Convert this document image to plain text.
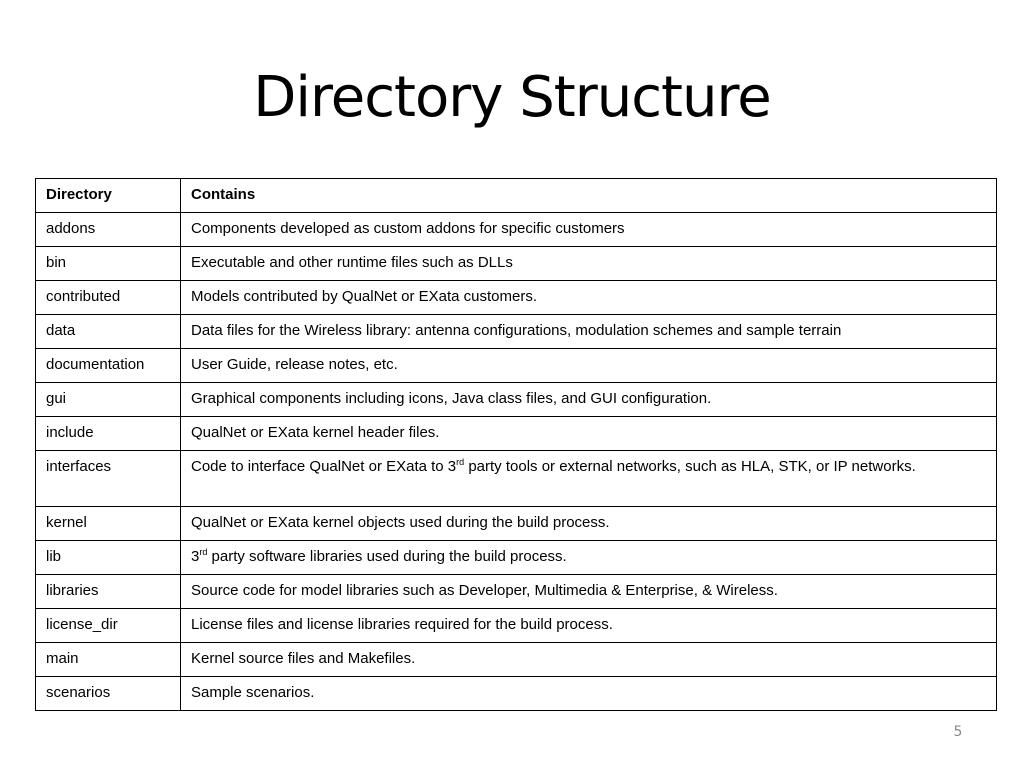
Directory Structure
Directory	Contains
addons	Components developed as custom addons for specific customers
bin	Executable and other runtime files such as DLLs
contributed	Models contributed by QualNet or EXata customers.
data	Data files for the Wireless library: antenna configurations, modulation schemes and sample terrain
documentation	User Guide, release notes, etc.
gui	Graphical components including icons, Java class files, and GUI configuration.
include	QualNet or EXata kernel header files.
interfaces	Code to interface QualNet or EXata to 3rd party tools or external networks, such as HLA, STK, or IP networks.

kernel	QualNet or EXata kernel objects used during the build process.
lib	3rd party software libraries used during the build process.
libraries	Source code for model libraries such as Developer, Multimedia & Enterprise, & Wireless.
license_dir	License files and license libraries required for the build process.
main	Kernel source files and Makefiles.
scenarios	Sample scenarios.
5
